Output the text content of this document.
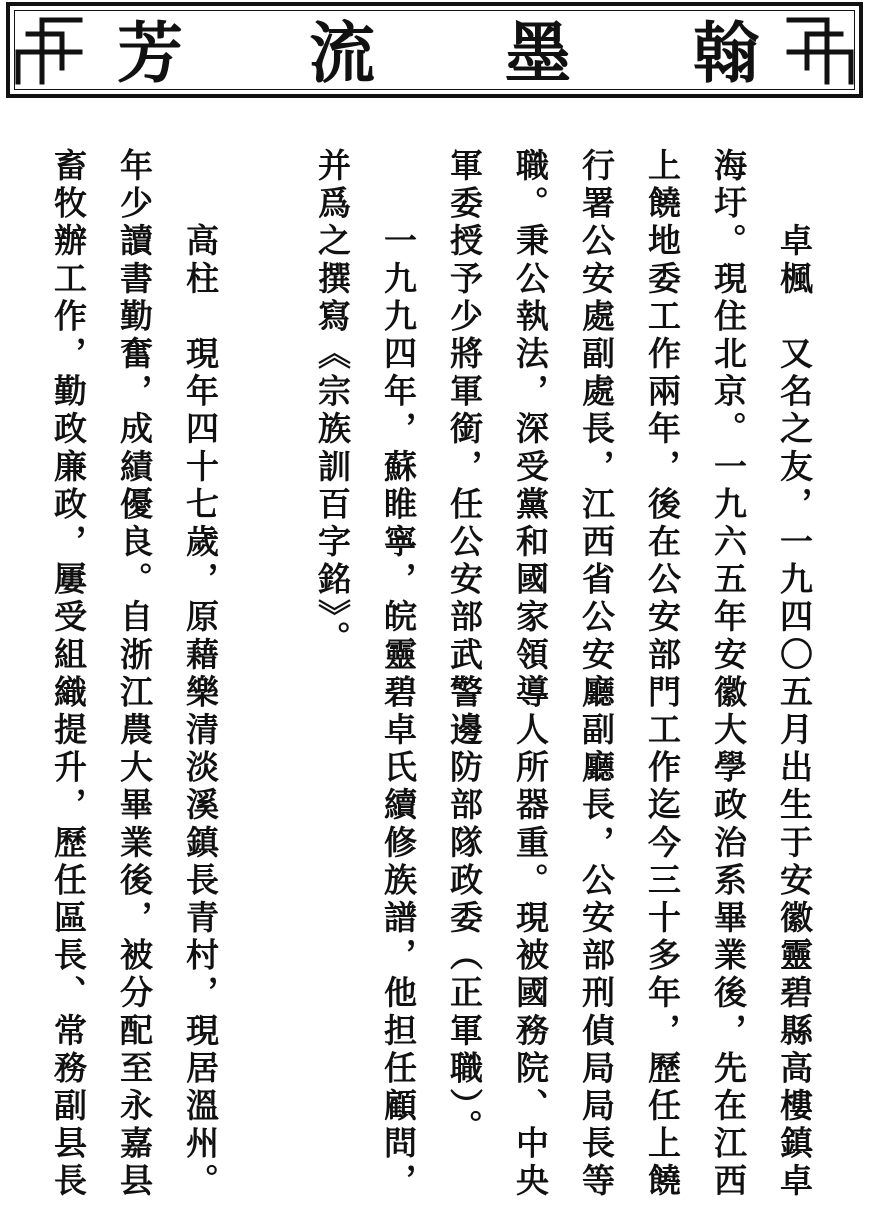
芳 流 墨 翰
　　卓楓　又名之友，一九四〇五月出生于安徽靈碧縣高樓鎮卓
海圩。現住北京。一九六五年安徽大學政治系畢業後，先在江西
上饒地委工作兩年，後在公安部門工作迄今三十多年，歷任上饒
行署公安處副處長，江西省公安廳副廳長，公安部刑偵局局長等
職。秉公執法，深受黨和國家領導人所器重。現被國務院、中央
軍委授予少將軍銜，任公安部武警邊防部隊政委（正軍職）。
　　一九九四年，蘇睢寧，皖靈碧卓氏續修族譜，他担任顧問，
并爲之撰寫《宗族訓百字銘》。

　　高柱　現年四十七歲，原藉樂清淡溪鎮長青村，現居溫州。
年少讀書勤奮，成績優良。自浙江農大畢業後，被分配至永嘉县
畜牧辦工作，勤政廉政，屢受組織提升，歷任區長、常務副县長
